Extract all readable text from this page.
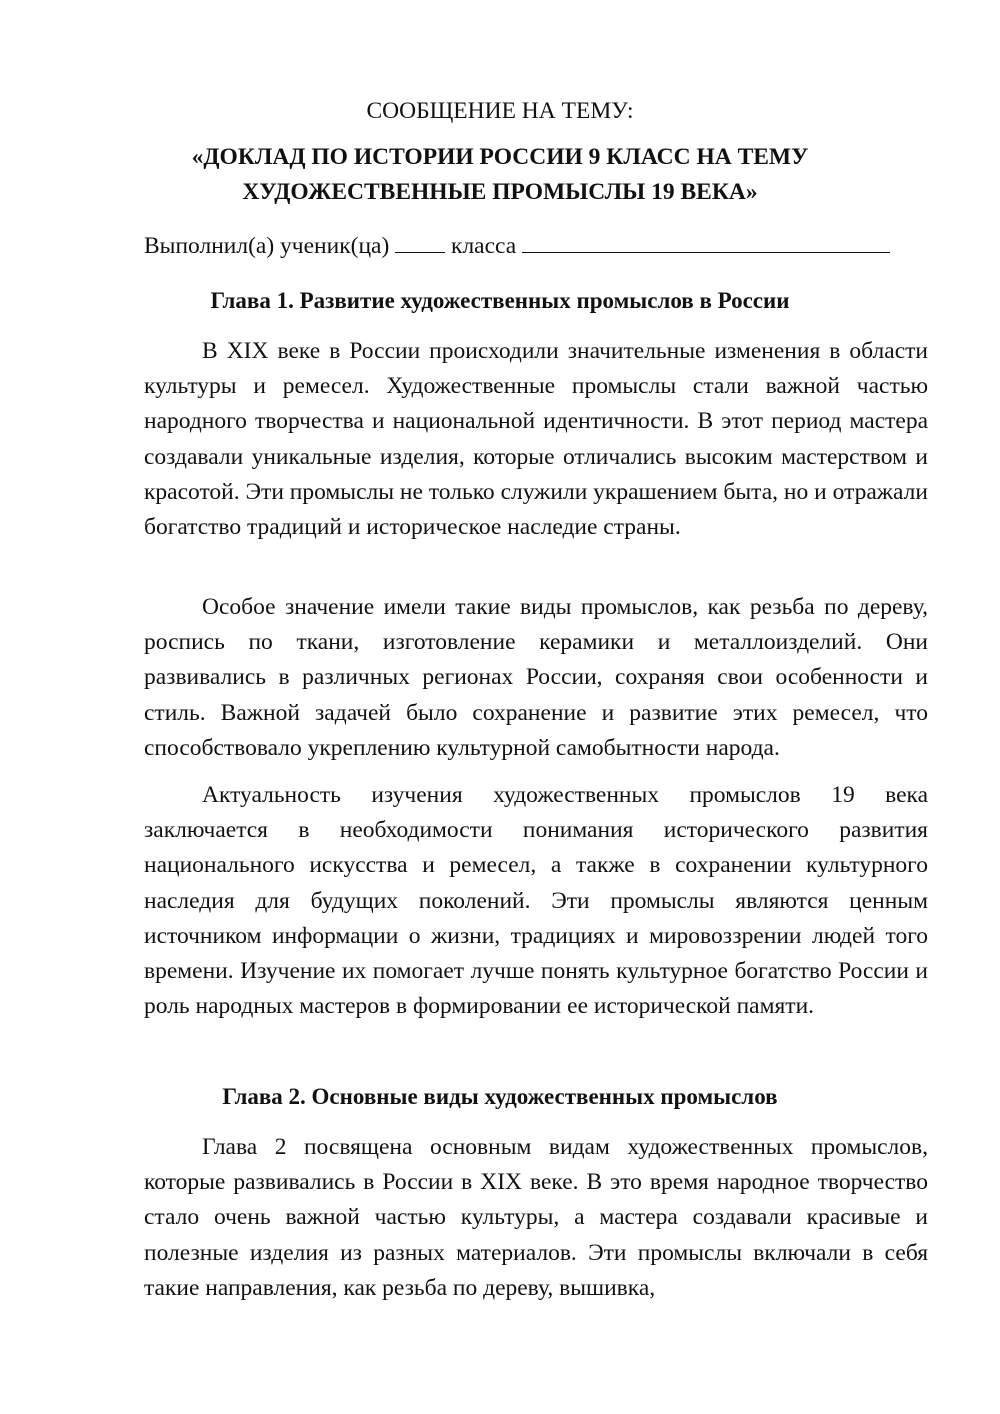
СООБЩЕНИЕ НА ТЕМУ:

«ДОКЛАД ПО ИСТОРИИ РОССИИ 9 КЛАСС НА ТЕМУ ХУДОЖЕСТВЕННЫЕ ПРОМЫСЛЫ 19 ВЕКА»

Выполнил(а) ученик(ца)	класса

Глава 1. Развитие художественных промыслов в России

В XIX веке в России происходили значительные изменения в области культуры и ремесел. Художественные промыслы стали важной частью народного творчества и национальной идентичности. В этот период мастера создавали уникальные изделия, которые отличались высоким мастерством и красотой. Эти промыслы не только служили украшением быта, но и отражали богатство традиций и историческое наследие страны.

Особое значение имели такие виды промыслов, как резьба по дереву, роспись по ткани, изготовление керамики и металлоизделий. Они развивались в различных регионах России, сохраняя свои особенности и стиль. Важной задачей было сохранение и развитие этих ремесел, что способствовало укреплению культурной самобытности народа.

Актуальность изучения художественных промыслов 19 века заключается в необходимости понимания исторического развития национального искусства и ремесел, а также в сохранении культурного наследия для будущих поколений. Эти промыслы являются ценным источником информации о жизни, традициях и мировоззрении людей того времени. Изучение их помогает лучше понять культурное богатство России и роль народных мастеров в формировании ее исторической памяти.

Глава 2. Основные виды художественных промыслов

Глава 2 посвящена основным видам художественных промыслов, которые развивались в России в XIX веке. В это время народное творчество стало очень важной частью культуры, а мастера создавали красивые и полезные изделия из разных материалов. Эти промыслы включали в себя такие направления, как резьба по дереву, вышивка,
